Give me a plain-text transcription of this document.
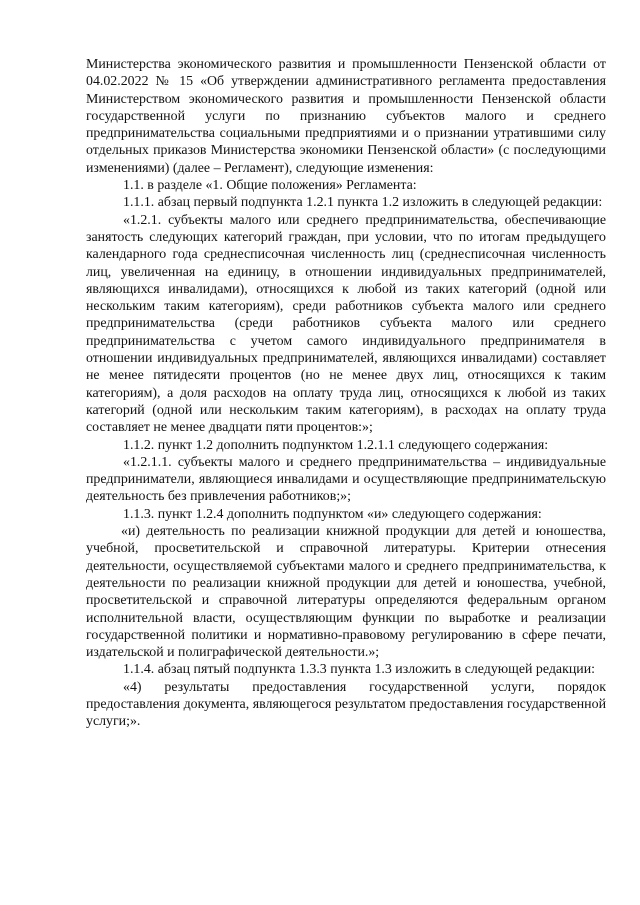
Министерства экономического развития и промышленности Пензенской области от 04.02.2022 № 15 «Об утверждении административного регламента предоставления Министерством экономического развития и промышленности Пензенской области государственной услуги по признанию субъектов малого и среднего предпринимательства социальными предприятиями и о признании утратившими силу отдельных приказов Министерства экономики Пензенской области» (с последующими изменениями) (далее – Регламент), следующие изменения:

1.1. в разделе «1. Общие положения» Регламента:

1.1.1. абзац первый подпункта 1.2.1 пункта 1.2 изложить в следующей редакции:

«1.2.1. субъекты малого или среднего предпринимательства, обеспечивающие занятость следующих категорий граждан, при условии, что по итогам предыдущего календарного года среднесписочная численность лиц (среднесписочная численность лиц, увеличенная на единицу, в отношении индивидуальных предпринимателей, являющихся инвалидами), относящихся к любой из таких категорий (одной или нескольким таким категориям), среди работников субъекта малого или среднего предпринимательства (среди работников субъекта малого или среднего предпринимательства с учетом самого индивидуального предпринимателя в отношении индивидуальных предпринимателей, являющихся инвалидами) составляет не менее пятидесяти процентов (но не менее двух лиц, относящихся к таким категориям), а доля расходов на оплату труда лиц, относящихся к любой из таких категорий (одной или нескольким таким категориям), в расходах на оплату труда составляет не менее двадцати пяти процентов:»;

1.1.2. пункт 1.2 дополнить подпунктом 1.2.1.1 следующего содержания:

«1.2.1.1. субъекты малого и среднего предпринимательства – индивидуальные предприниматели, являющиеся инвалидами и осуществляющие предпринимательскую деятельность без привлечения работников;»;

1.1.3. пункт 1.2.4 дополнить подпунктом «и» следующего содержания:

«и) деятельность по реализации книжной продукции для детей и юношества, учебной, просветительской и справочной литературы. Критерии отнесения деятельности, осуществляемой субъектами малого и среднего предпринимательства, к деятельности по реализации книжной продукции для детей и юношества, учебной, просветительской и справочной литературы определяются федеральным органом исполнительной власти, осуществляющим функции по выработке и реализации государственной политики и нормативно-правовому регулированию в сфере печати, издательской и полиграфической деятельности.»;

1.1.4. абзац пятый подпункта 1.3.3 пункта 1.3 изложить в следующей редакции:

«4) результаты предоставления государственной услуги, порядок предоставления документа, являющегося результатом предоставления государственной услуги;».
